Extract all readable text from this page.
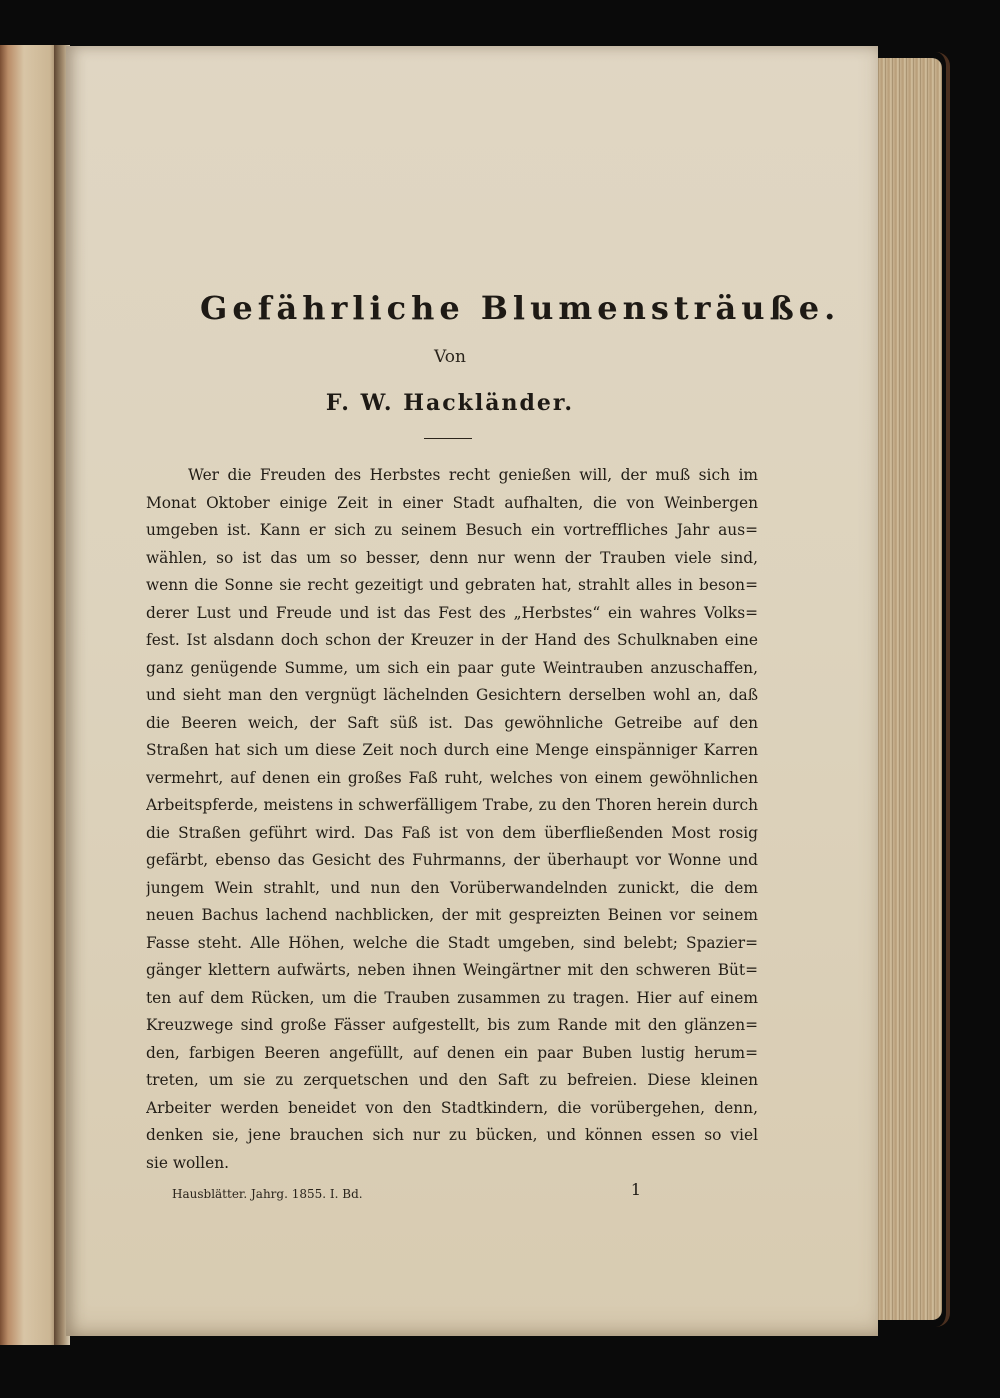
Gefährliche Blumensträuße.
Von
F. W. Hackländer.
Wer die Freuden des Herbstes recht genießen will, der muß sich im
Monat Oktober einige Zeit in einer Stadt aufhalten, die von Weinbergen
umgeben ist. Kann er sich zu seinem Besuch ein vortreffliches Jahr aus=
wählen, so ist das um so besser, denn nur wenn der Trauben viele sind,
wenn die Sonne sie recht gezeitigt und gebraten hat, strahlt alles in beson=
derer Lust und Freude und ist das Fest des „Herbstes“ ein wahres Volks=
fest. Ist alsdann doch schon der Kreuzer in der Hand des Schulknaben eine
ganz genügende Summe, um sich ein paar gute Weintrauben anzuschaffen,
und sieht man den vergnügt lächelnden Gesichtern derselben wohl an, daß
die Beeren weich, der Saft süß ist. Das gewöhnliche Getreibe auf den
Straßen hat sich um diese Zeit noch durch eine Menge einspänniger Karren
vermehrt, auf denen ein großes Faß ruht, welches von einem gewöhnlichen
Arbeitspferde, meistens in schwerfälligem Trabe, zu den Thoren herein durch
die Straßen geführt wird. Das Faß ist von dem überfließenden Most rosig
gefärbt, ebenso das Gesicht des Fuhrmanns, der überhaupt vor Wonne und
jungem Wein strahlt, und nun den Vorüberwandelnden zunickt, die dem
neuen Bachus lachend nachblicken, der mit gespreizten Beinen vor seinem
Fasse steht. Alle Höhen, welche die Stadt umgeben, sind belebt; Spazier=
gänger klettern aufwärts, neben ihnen Weingärtner mit den schweren Büt=
ten auf dem Rücken, um die Trauben zusammen zu tragen. Hier auf einem
Kreuzwege sind große Fässer aufgestellt, bis zum Rande mit den glänzen=
den, farbigen Beeren angefüllt, auf denen ein paar Buben lustig herum=
treten, um sie zu zerquetschen und den Saft zu befreien. Diese kleinen
Arbeiter werden beneidet von den Stadtkindern, die vorübergehen, denn,
denken sie, jene brauchen sich nur zu bücken, und können essen so viel
sie wollen.
Hausblätter. Jahrg. 1855. I. Bd.	1
